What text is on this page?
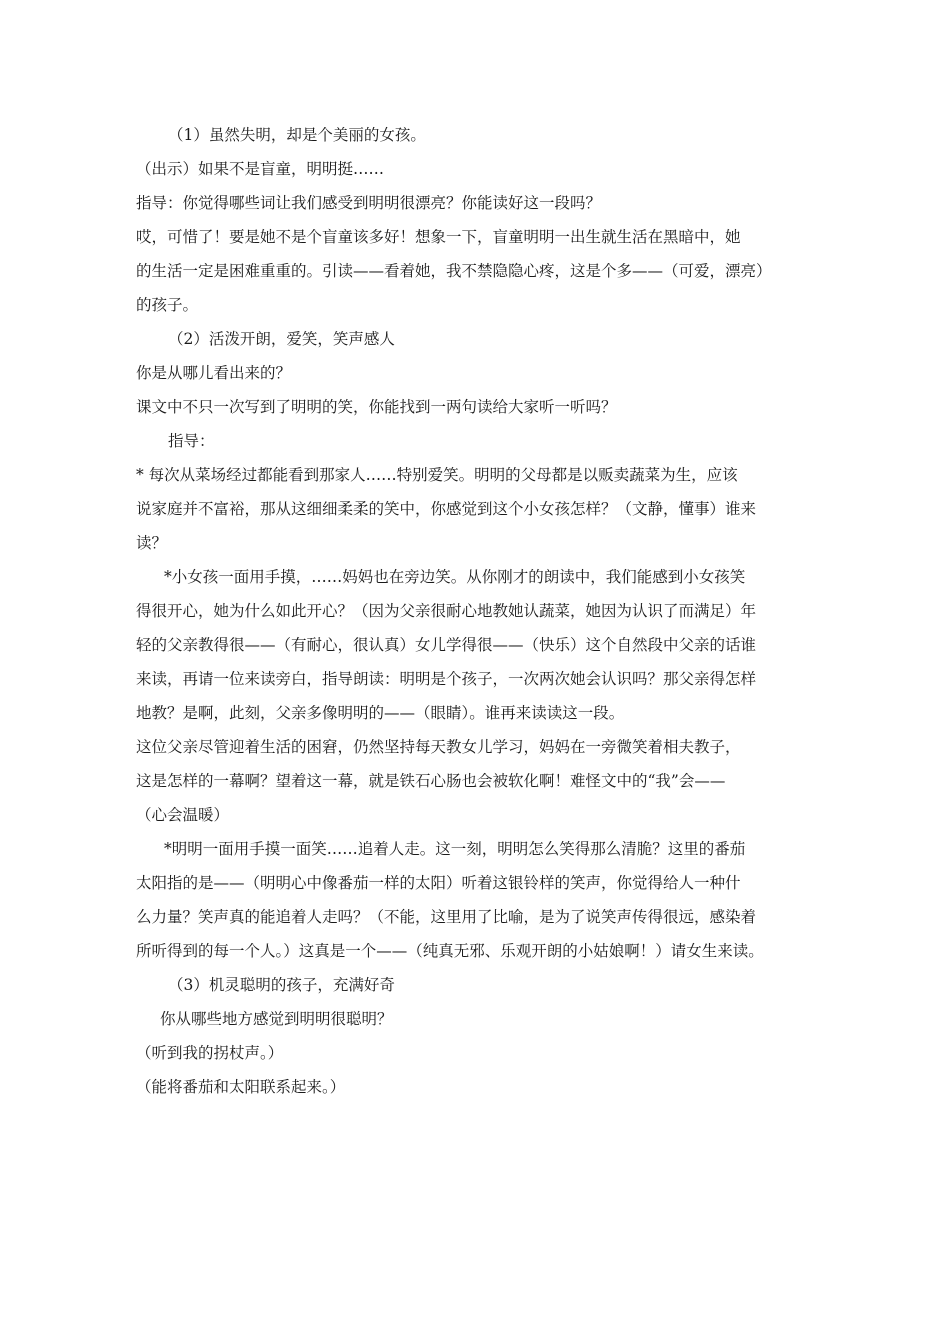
（1）虽然失明，却是个美丽的女孩。

（出示）如果不是盲童，明明挺……

指导：你觉得哪些词让我们感受到明明很漂亮？你能读好这一段吗？

哎，可惜了！要是她不是个盲童该多好！想象一下，盲童明明一出生就生活在黑暗中，她

的生活一定是困难重重的。引读——看着她，我不禁隐隐心疼，这是个多——（可爱，漂亮）

的孩子。

（2）活泼开朗，爱笑，笑声感人

你是从哪儿看出来的？

课文中不只一次写到了明明的笑，你能找到一两句读给大家听一听吗？

指导：

* 每次从菜场经过都能看到那家人……特别爱笑。明明的父母都是以贩卖蔬菜为生，应该

说家庭并不富裕，那从这细细柔柔的笑中，你感觉到这个小女孩怎样？（文静，懂事）谁来

读？

*小女孩一面用手摸，……妈妈也在旁边笑。从你刚才的朗读中，我们能感到小女孩笑

得很开心，她为什么如此开心？（因为父亲很耐心地教她认蔬菜，她因为认识了而满足）年

轻的父亲教得很——（有耐心，很认真）女儿学得很——（快乐）这个自然段中父亲的话谁

来读，再请一位来读旁白，指导朗读：明明是个孩子，一次两次她会认识吗？那父亲得怎样

地教？是啊，此刻，父亲多像明明的——（眼睛）。谁再来读读这一段。

这位父亲尽管迎着生活的困窘，仍然坚持每天教女儿学习，妈妈在一旁微笑着相夫教子，

这是怎样的一幕啊？望着这一幕，就是铁石心肠也会被软化啊！难怪文中的“我”会——

（心会温暖）

*明明一面用手摸一面笑……追着人走。这一刻，明明怎么笑得那么清脆？这里的番茄

太阳指的是——（明明心中像番茄一样的太阳）听着这银铃样的笑声，你觉得给人一种什

么力量？笑声真的能追着人走吗？（不能，这里用了比喻，是为了说笑声传得很远，感染着

所听得到的每一个人。）这真是一个——（纯真无邪、乐观开朗的小姑娘啊！）请女生来读。

（3）机灵聪明的孩子，充满好奇

你从哪些地方感觉到明明很聪明？

（听到我的拐杖声。）

（能将番茄和太阳联系起来。）
